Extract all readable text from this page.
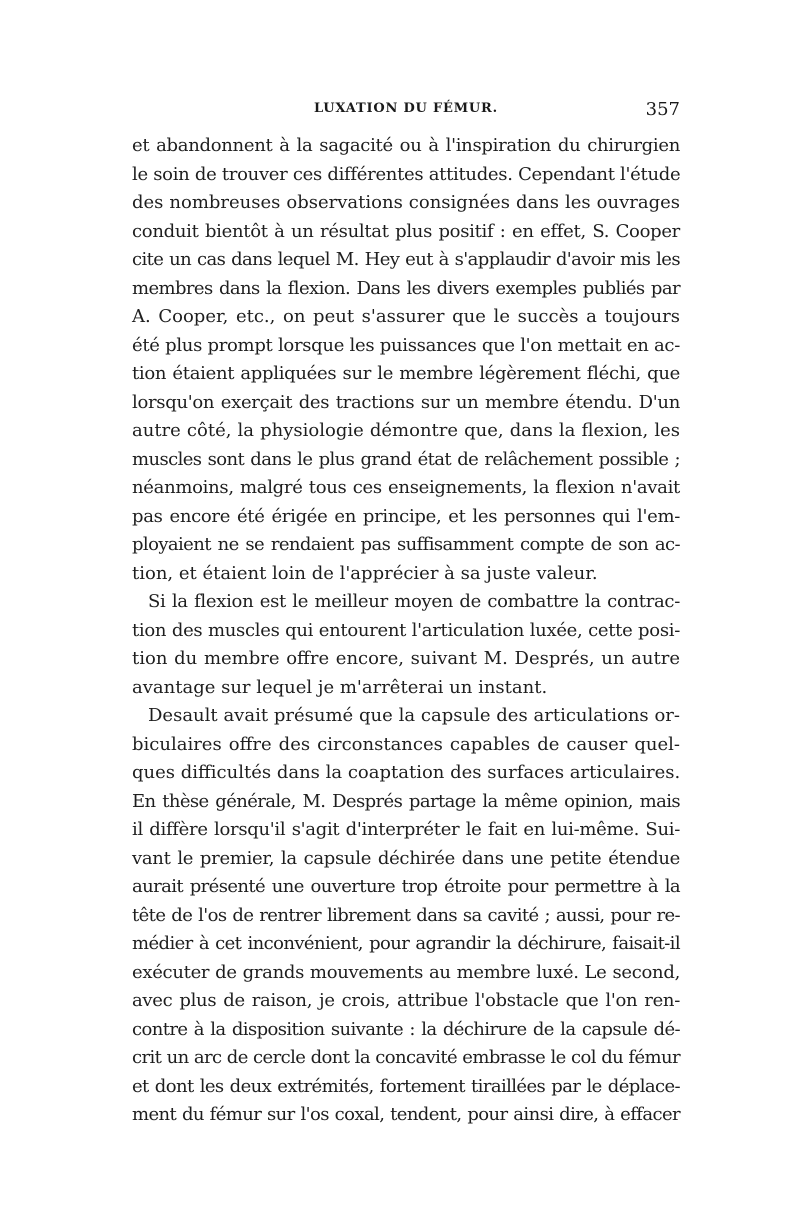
LUXATION DU FÉMUR.	357
et abandonnent à la sagacité ou à l'inspiration du chirurgien
le soin de trouver ces différentes attitudes. Cependant l'étude
des nombreuses observations consignées dans les ouvrages
conduit bientôt à un résultat plus positif : en effet, S. Cooper
cite un cas dans lequel M. Hey eut à s'applaudir d'avoir mis les
membres dans la flexion. Dans les divers exemples publiés par
A. Cooper, etc., on peut s'assurer que le succès a toujours
été plus prompt lorsque les puissances que l'on mettait en ac-
tion étaient appliquées sur le membre légèrement fléchi, que
lorsqu'on exerçait des tractions sur un membre étendu. D'un
autre côté, la physiologie démontre que, dans la flexion, les
muscles sont dans le plus grand état de relâchement possible ;
néanmoins, malgré tous ces enseignements, la flexion n'avait
pas encore été érigée en principe, et les personnes qui l'em-
ployaient ne se rendaient pas suffisamment compte de son ac-
tion, et étaient loin de l'apprécier à sa juste valeur.
Si la flexion est le meilleur moyen de combattre la contrac-
tion des muscles qui entourent l'articulation luxée, cette posi-
tion du membre offre encore, suivant M. Després, un autre
avantage sur lequel je m'arrêterai un instant.
Desault avait présumé que la capsule des articulations or-
biculaires offre des circonstances capables de causer quel-
ques difficultés dans la coaptation des surfaces articulaires.
En thèse générale, M. Després partage la même opinion, mais
il diffère lorsqu'il s'agit d'interpréter le fait en lui-même. Sui-
vant le premier, la capsule déchirée dans une petite étendue
aurait présenté une ouverture trop étroite pour permettre à la
tête de l'os de rentrer librement dans sa cavité ; aussi, pour re-
médier à cet inconvénient, pour agrandir la déchirure, faisait-il
exécuter de grands mouvements au membre luxé. Le second,
avec plus de raison, je crois, attribue l'obstacle que l'on ren-
contre à la disposition suivante : la déchirure de la capsule dé-
crit un arc de cercle dont la concavité embrasse le col du fémur
et dont les deux extrémités, fortement tiraillées par le déplace-
ment du fémur sur l'os coxal, tendent, pour ainsi dire, à effacer
